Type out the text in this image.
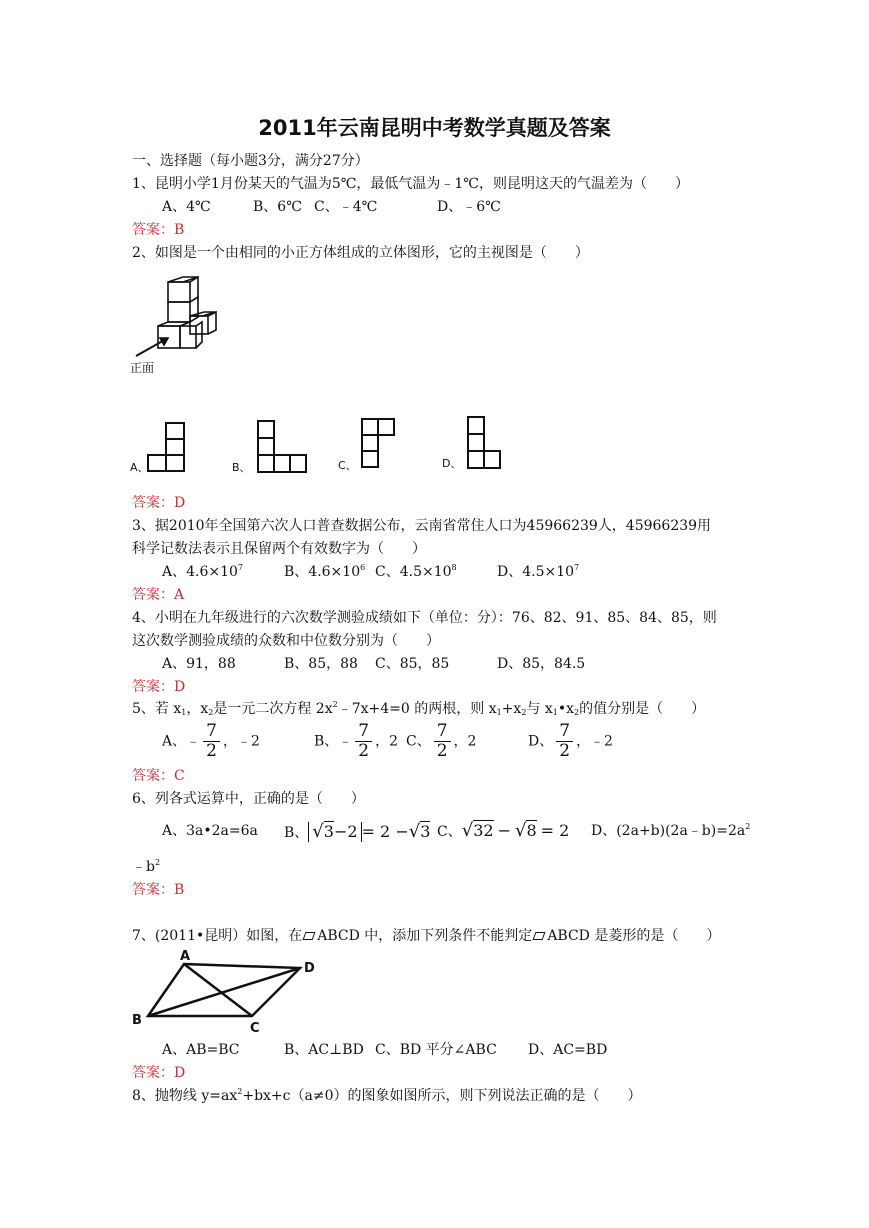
2011年云南昆明中考数学真题及答案
一、选择题（每小题3分，满分27分）
1、昆明小学1月份某天的气温为5℃，最低气温为﹣1℃，则昆明这天的气温差为（　　）
A、4℃	B、6℃ C、﹣4℃	D、﹣6℃
答案：B
2、如图是一个由相同的小正方体组成的立体图形，它的主视图是（　　）
正面
A、	B、	C、	D、
答案：D
3、据2010年全国第六次人口普查数据公布，云南省常住人口为45966239人，45966239用
科学记数法表示且保留两个有效数字为（　　）
A、$4.6\times 10^7$	B、$4.6\times 10^6$ C、$4.5\times 10^8$	D、$4.5\times 10^7$
答案：A
4、小明在九年级进行的六次数学测验成绩如下（单位：分）：76、82、91、85、84、85，则
这次数学测验成绩的众数和中位数分别为（　　）
A、91，88	B、85，88 C、85，85	D、85，84.5
答案：D
5、若 $x_1$，$x_2$是一元二次方程 $2x^2﹣7x+4=0$ 的两根，则 $x_1+x_2$与 $x_1•x_2$的值分别是（　　）
A、﹣ $\frac{7}{2}$ ，﹣2	B、﹣ $\frac{7}{2}$ ，2 C、 $\frac{7}{2}$ ，2	D、 $\frac{7}{2}$ ，﹣2
答案：C
6、列各式运算中，正确的是（　　）
A、3a•2a=6a B、 √3−2 = 2 −√3 C、√32 − √8 = 2 D、$(2a+b)(2a﹣b)=2a^2$
$﹣b^2$
答案：B
7、(2011•昆明）如图，在 ABCD 中，添加下列条件不能判定 ABCD 是菱形的是（　　）
A
B
C
D
A、AB=BC	B、AC⊥BD C、BD 平分∠ABC D、AC=BD
答案：D
8、抛物线 $y=ax^2+bx+c(a\ne 0)$的图象如图所示，则下列说法正确的是（　　）
